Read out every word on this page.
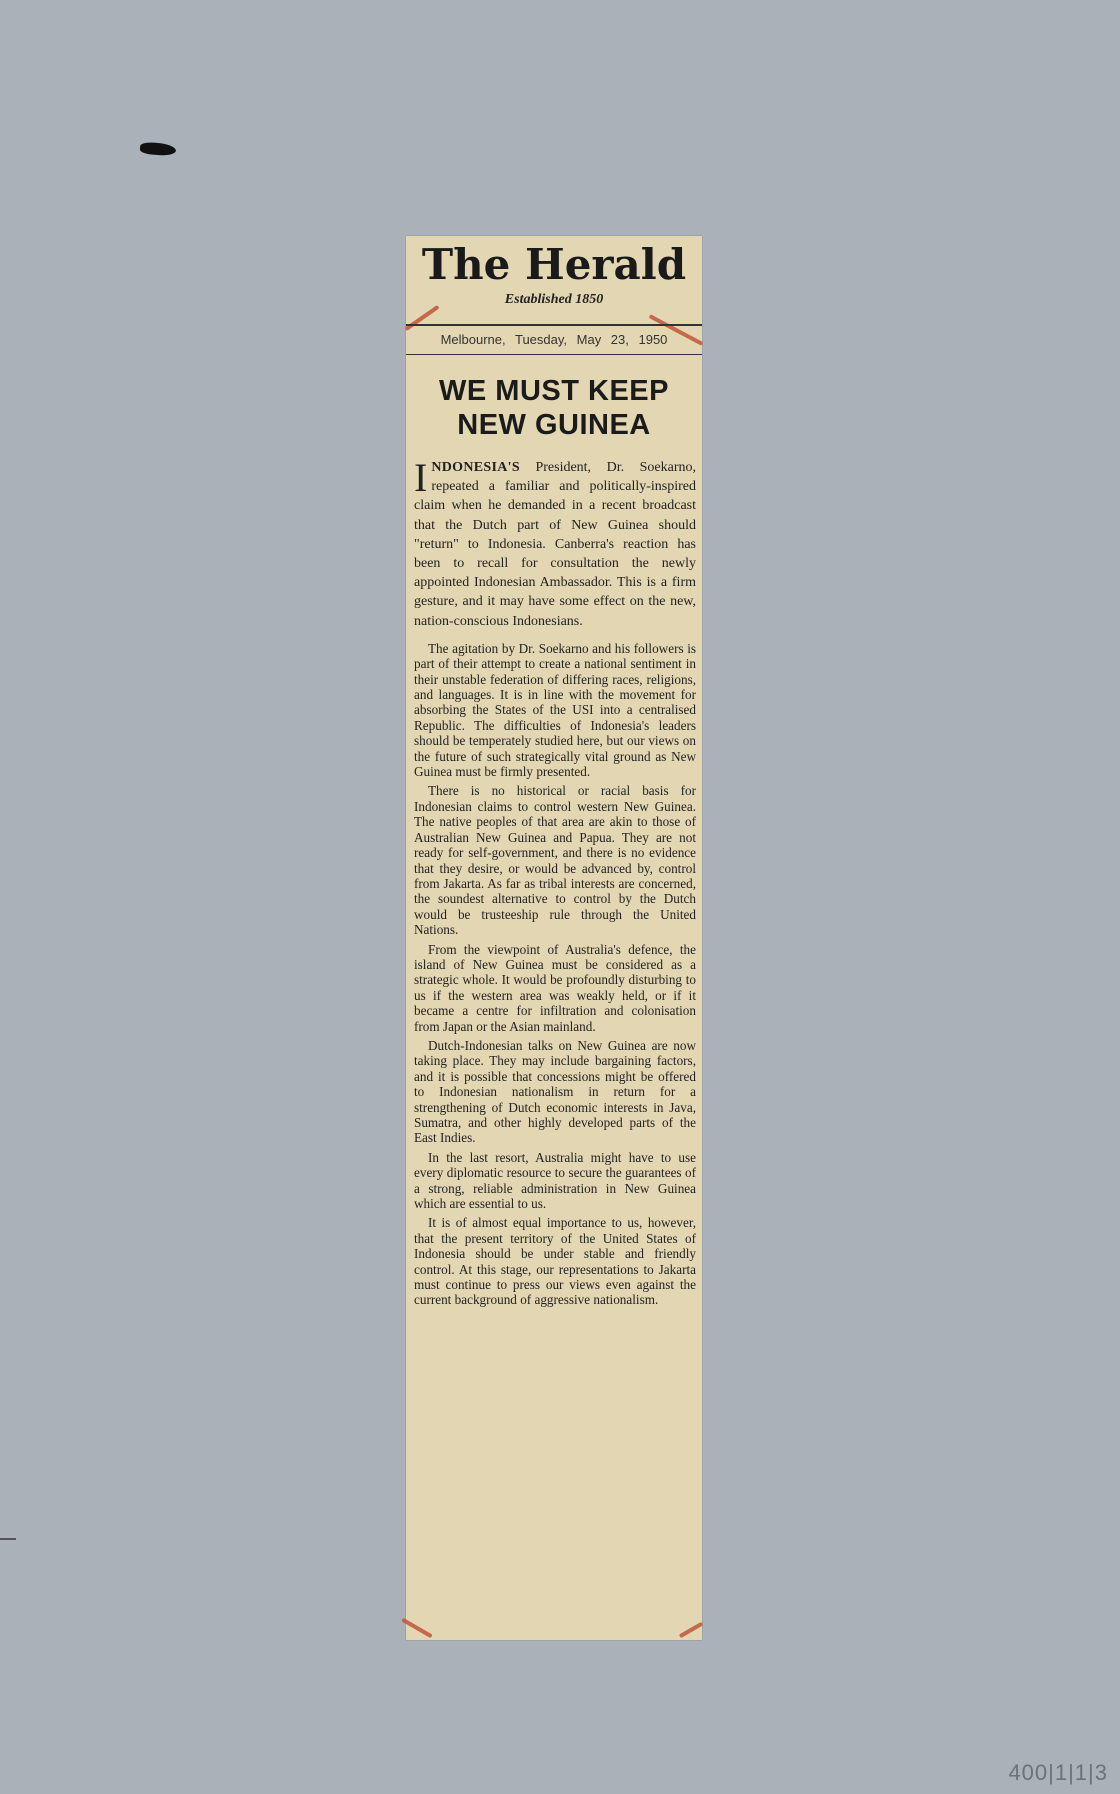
The Herald
Established 1850
Melbourne, Tuesday, May 23, 1950
WE MUST KEEP
NEW GUINEA

INDONESIA'S President, Dr. Soekarno, repeated a familiar and politically-inspired claim when he demanded in a recent broadcast that the Dutch part of New Guinea should "return" to Indonesia. Canberra's reaction has been to recall for consultation the newly appointed Indonesian Ambassador. This is a firm gesture, and it may have some effect on the new, nation-conscious Indonesians.

The agitation by Dr. Soekarno and his followers is part of their attempt to create a national sentiment in their unstable federation of differing races, religions, and languages. It is in line with the movement for absorbing the States of the USI into a centralised Republic. The difficulties of Indonesia's leaders should be temperately studied here, but our views on the future of such strategically vital ground as New Guinea must be firmly presented.

There is no historical or racial basis for Indonesian claims to control western New Guinea. The native peoples of that area are akin to those of Australian New Guinea and Papua. They are not ready for self-government, and there is no evidence that they desire, or would be advanced by, control from Jakarta. As far as tribal interests are concerned, the soundest alternative to control by the Dutch would be trusteeship rule through the United Nations.

From the viewpoint of Australia's defence, the island of New Guinea must be considered as a strategic whole. It would be profoundly disturbing to us if the western area was weakly held, or if it became a centre for infiltration and colonisation from Japan or the Asian mainland.

Dutch-Indonesian talks on New Guinea are now taking place. They may include bargaining factors, and it is possible that concessions might be offered to Indonesian nationalism in return for a strengthening of Dutch economic interests in Java, Sumatra, and other highly developed parts of the East Indies.

In the last resort, Australia might have to use every diplomatic resource to secure the guarantees of a strong, reliable administration in New Guinea which are essential to us.

It is of almost equal importance to us, however, that the present territory of the United States of Indonesia should be under stable and friendly control. At this stage, our representations to Jakarta must continue to press our views even against the current background of aggressive nationalism.

400|1|1|3
